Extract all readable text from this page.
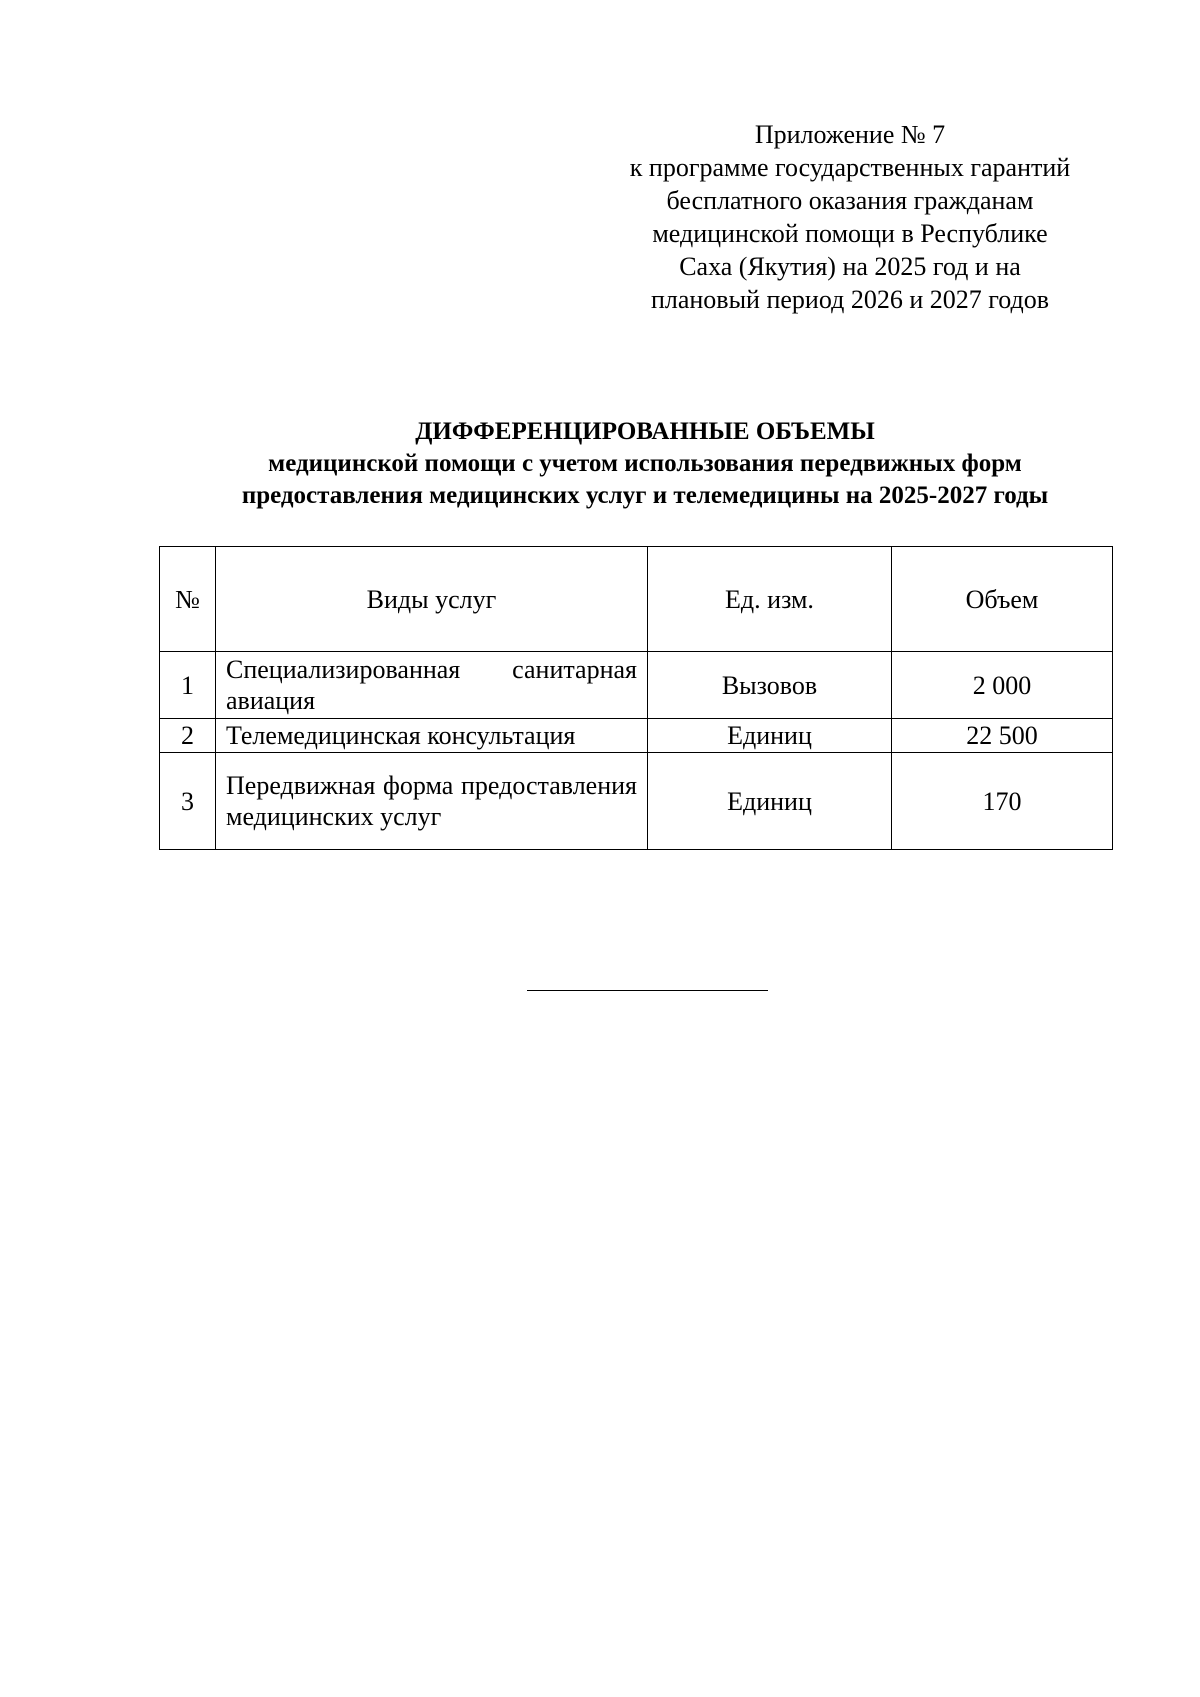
Приложение № 7
к программе государственных гарантий
бесплатного оказания гражданам
медицинской помощи в Республике
Саха (Якутия) на 2025 год и на
плановый период 2026 и 2027 годов
ДИФФЕРЕНЦИРОВАННЫЕ ОБЪЕМЫ
медицинской помощи с учетом использования передвижных форм
предоставления медицинских услуг и телемедицины на 2025-2027 годы
№	Виды услуг	Ед. изм.	Объем
1	Специализированная санитарная авиация	Вызовов	2 000
2	Телемедицинская консультация	Единиц	22 500
3	Передвижная форма предоставления медицинских услуг	Единиц	170
